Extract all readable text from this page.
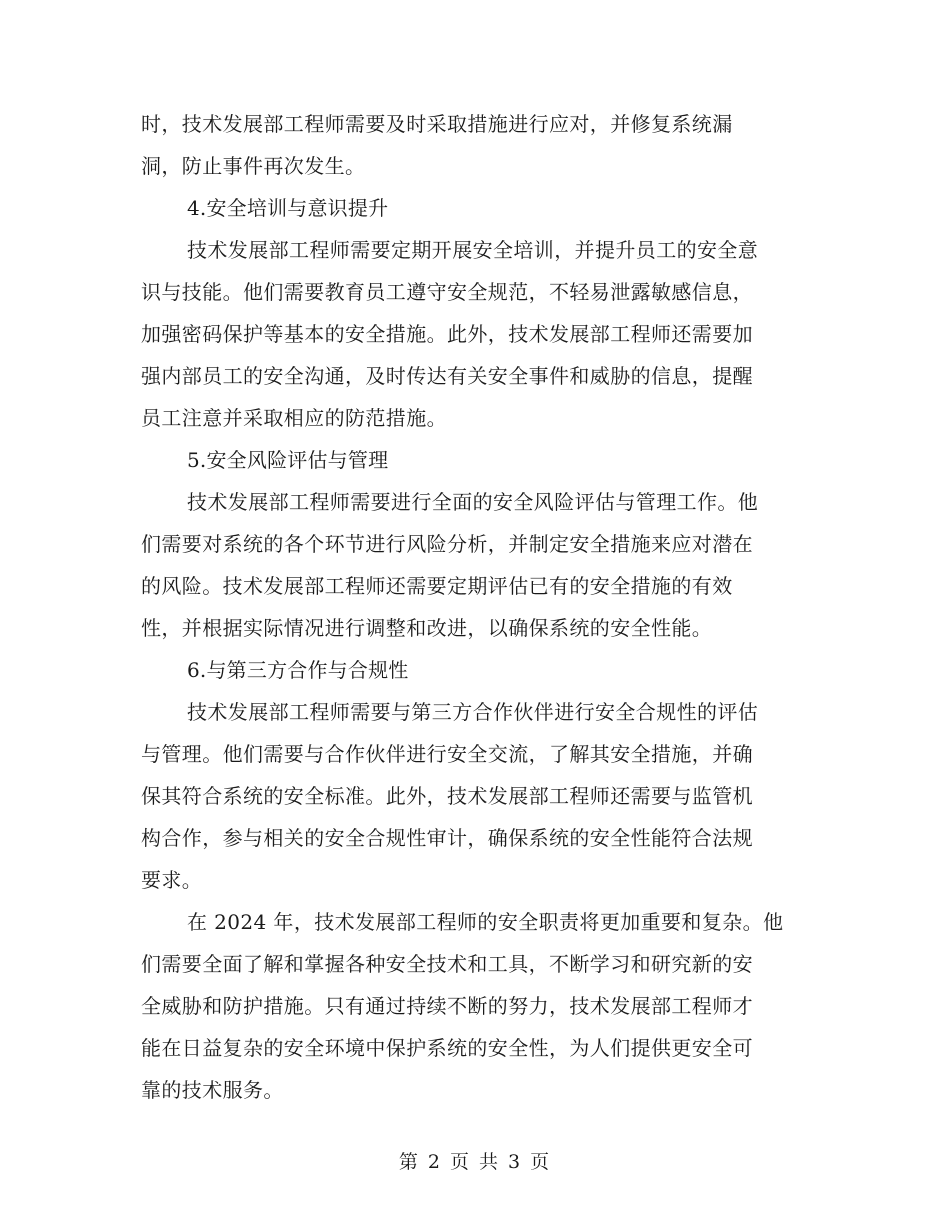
时，技术发展部工程师需要及时采取措施进行应对，并修复系统漏
洞，防止事件再次发生。

4.安全培训与意识提升

技术发展部工程师需要定期开展安全培训，并提升员工的安全意
识与技能。他们需要教育员工遵守安全规范，不轻易泄露敏感信息，
加强密码保护等基本的安全措施。此外，技术发展部工程师还需要加
强内部员工的安全沟通，及时传达有关安全事件和威胁的信息，提醒
员工注意并采取相应的防范措施。

5.安全风险评估与管理

技术发展部工程师需要进行全面的安全风险评估与管理工作。他
们需要对系统的各个环节进行风险分析，并制定安全措施来应对潜在
的风险。技术发展部工程师还需要定期评估已有的安全措施的有效
性，并根据实际情况进行调整和改进，以确保系统的安全性能。

6.与第三方合作与合规性

技术发展部工程师需要与第三方合作伙伴进行安全合规性的评估
与管理。他们需要与合作伙伴进行安全交流，了解其安全措施，并确
保其符合系统的安全标准。此外，技术发展部工程师还需要与监管机
构合作，参与相关的安全合规性审计，确保系统的安全性能符合法规
要求。

在 2024 年，技术发展部工程师的安全职责将更加重要和复杂。他
们需要全面了解和掌握各种安全技术和工具，不断学习和研究新的安
全威胁和防护措施。只有通过持续不断的努力，技术发展部工程师才
能在日益复杂的安全环境中保护系统的安全性，为人们提供更安全可
靠的技术服务。

第 2 页 共 3 页
